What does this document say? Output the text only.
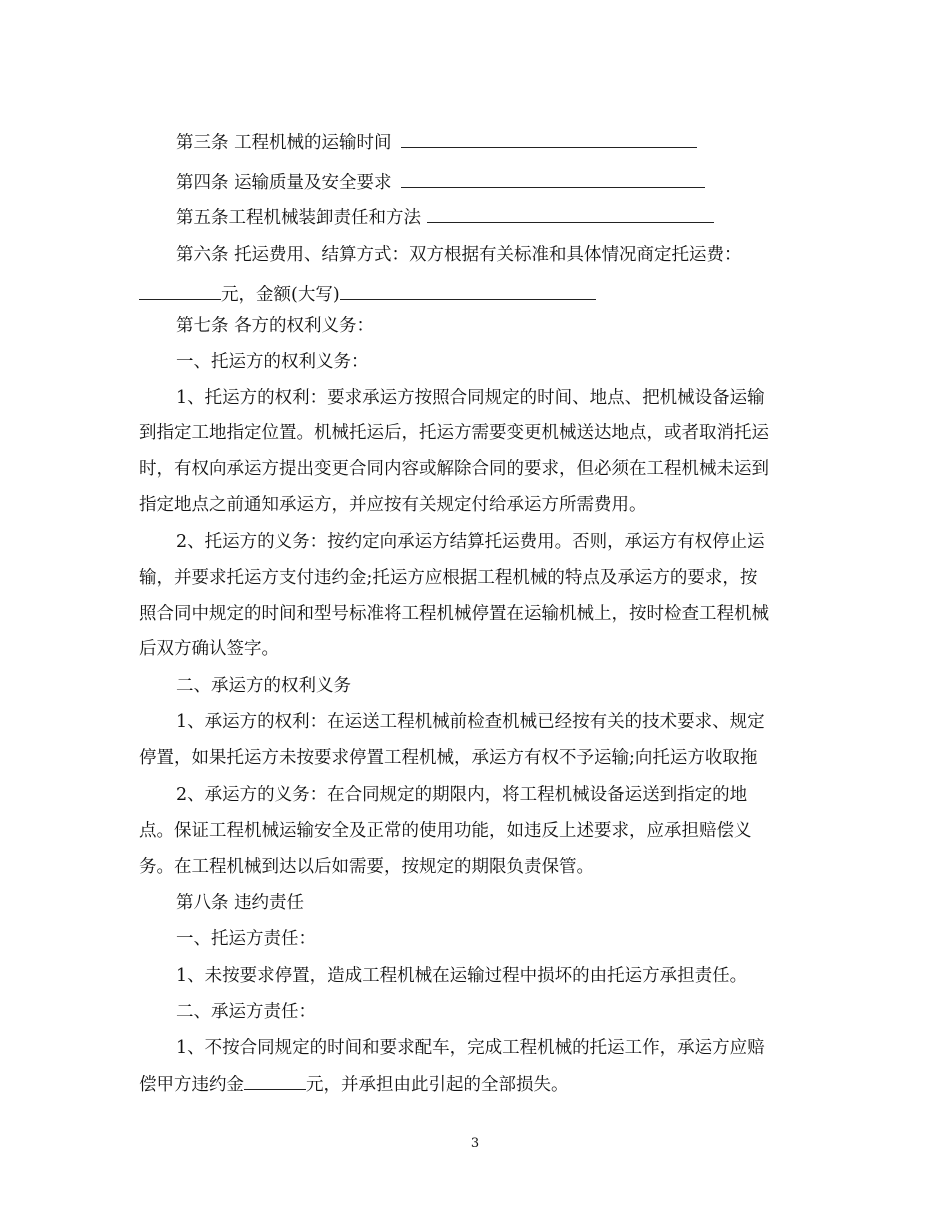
第三条 工程机械的运输时间
第四条 运输质量及安全要求
第五条工程机械装卸责任和方法
第六条 托运费用、结算方式：双方根据有关标准和具体情况商定托运费：
元，金额(大写)
第七条 各方的权利义务：
一、托运方的权利义务：
1、托运方的权利：要求承运方按照合同规定的时间、地点、把机械设备运输
到指定工地指定位置。机械托运后，托运方需要变更机械送达地点，或者取消托运
时，有权向承运方提出变更合同内容或解除合同的要求，但必须在工程机械未运到
指定地点之前通知承运方，并应按有关规定付给承运方所需费用。
2、托运方的义务：按约定向承运方结算托运费用。否则，承运方有权停止运
输，并要求托运方支付违约金;托运方应根据工程机械的特点及承运方的要求，按
照合同中规定的时间和型号标准将工程机械停置在运输机械上，按时检查工程机械
后双方确认签字。
二、承运方的权利义务
1、承运方的权利：在运送工程机械前检查机械已经按有关的技术要求、规定
停置，如果托运方未按要求停置工程机械，承运方有权不予运输;向托运方收取拖
2、承运方的义务：在合同规定的期限内，将工程机械设备运送到指定的地
点。保证工程机械运输安全及正常的使用功能，如违反上述要求，应承担赔偿义
务。在工程机械到达以后如需要，按规定的期限负责保管。
第八条 违约责任
一、托运方责任：
1、未按要求停置，造成工程机械在运输过程中损坏的由托运方承担责任。
二、承运方责任：
1、不按合同规定的时间和要求配车，完成工程机械的托运工作，承运方应赔
偿甲方违约金	元，并承担由此引起的全部损失。
3
